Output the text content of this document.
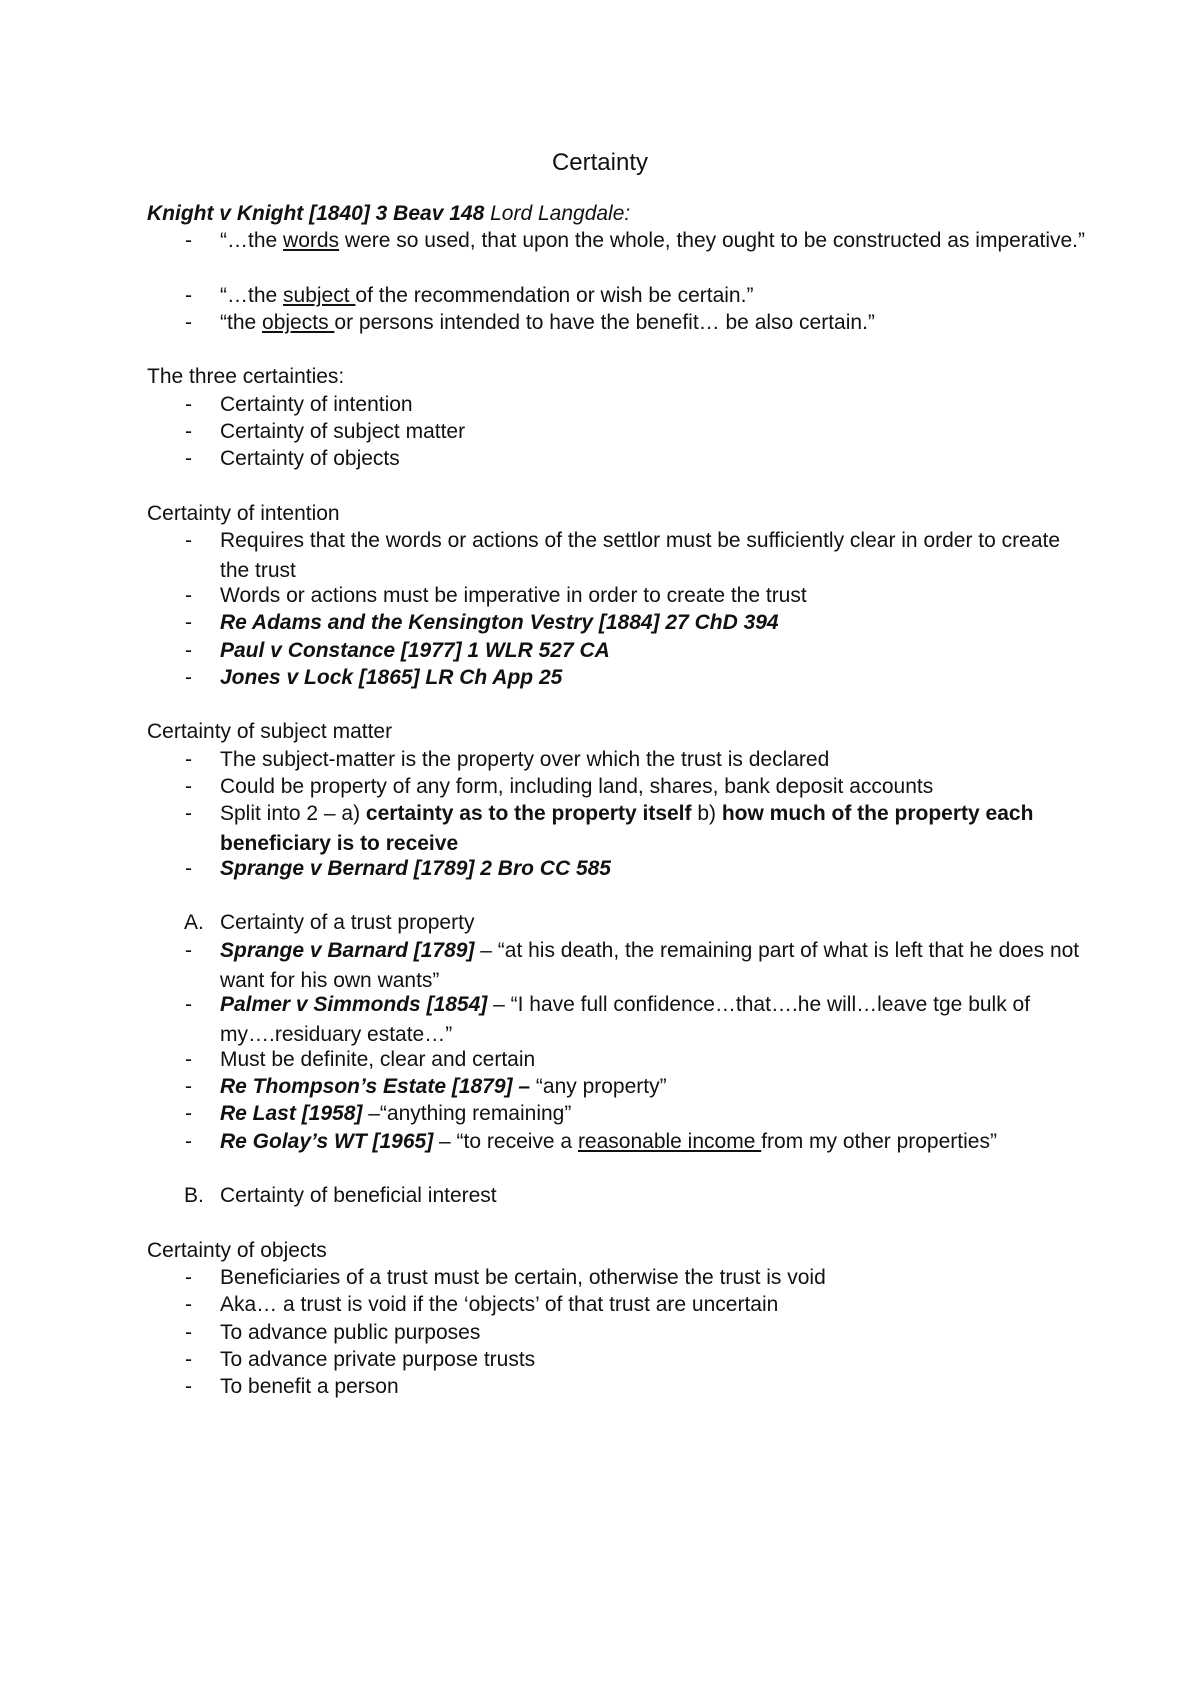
Certainty
Knight v Knight [1840] 3 Beav 148 Lord Langdale:
- “…the words were so used, that upon the whole, they ought to be constructed as imperative.”
- “…the subject of the recommendation or wish be certain.”
- “the objects or persons intended to have the benefit… be also certain.”
The three certainties:
- Certainty of intention
- Certainty of subject matter
- Certainty of objects
Certainty of intention
- Requires that the words or actions of the settlor must be sufficiently clear in order to create the trust
- Words or actions must be imperative in order to create the trust
- Re Adams and the Kensington Vestry [1884] 27 ChD 394
- Paul v Constance [1977] 1 WLR 527 CA
- Jones v Lock [1865] LR Ch App 25
Certainty of subject matter
- The subject-matter is the property over which the trust is declared
- Could be property of any form, including land, shares, bank deposit accounts
- Split into 2 – a) certainty as to the property itself b) how much of the property each beneficiary is to receive
- Sprange v Bernard [1789] 2 Bro CC 585
A. Certainty of a trust property
- Sprange v Barnard [1789] – “at his death, the remaining part of what is left that he does not want for his own wants”
- Palmer v Simmonds [1854] – “I have full confidence…that….he will…leave tge bulk of my….residuary estate…”
- Must be definite, clear and certain
- Re Thompson’s Estate [1879] – “any property”
- Re Last [1958] –“anything remaining”
- Re Golay’s WT [1965] – “to receive a reasonable income from my other properties”
B. Certainty of beneficial interest
Certainty of objects
- Beneficiaries of a trust must be certain, otherwise the trust is void
- Aka… a trust is void if the ‘objects’ of that trust are uncertain
- To advance public purposes
- To advance private purpose trusts
- To benefit a person
